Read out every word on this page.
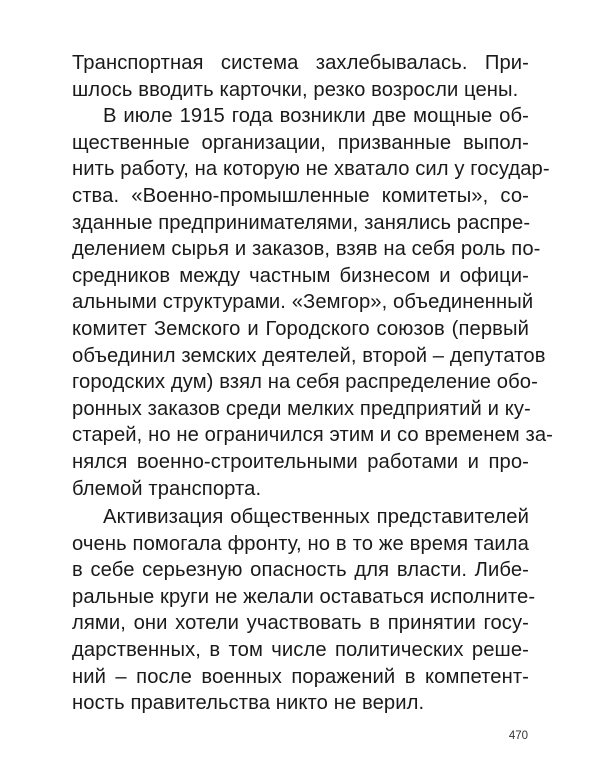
Транспортная система захлебывалась. При-
шлось вводить карточки, резко возросли цены.
В июле 1915 года возникли две мощные об-
щественные организации, призванные выпол-
нить работу, на которую не хватало сил у государ-
ства. «Военно-промышленные комитеты», со-
зданные предпринимателями, занялись распре-
делением сырья и заказов, взяв на себя роль по-
средников между частным бизнесом и офици-
альными структурами. «Земгор», объединенный
комитет Земского и Городского союзов (первый
объединил земских деятелей, второй – депутатов
городских дум) взял на себя распределение обо-
ронных заказов среди мелких предприятий и ку-
старей, но не ограничился этим и со временем за-
нялся военно-строительными работами и про-
блемой транспорта.
Активизация общественных представителей
очень помогала фронту, но в то же время таила
в себе серьезную опасность для власти. Либе-
ральные круги не желали оставаться исполните-
лями, они хотели участвовать в принятии госу-
дарственных, в том числе политических реше-
ний – после военных поражений в компетент-
ность правительства никто не верил.
470
